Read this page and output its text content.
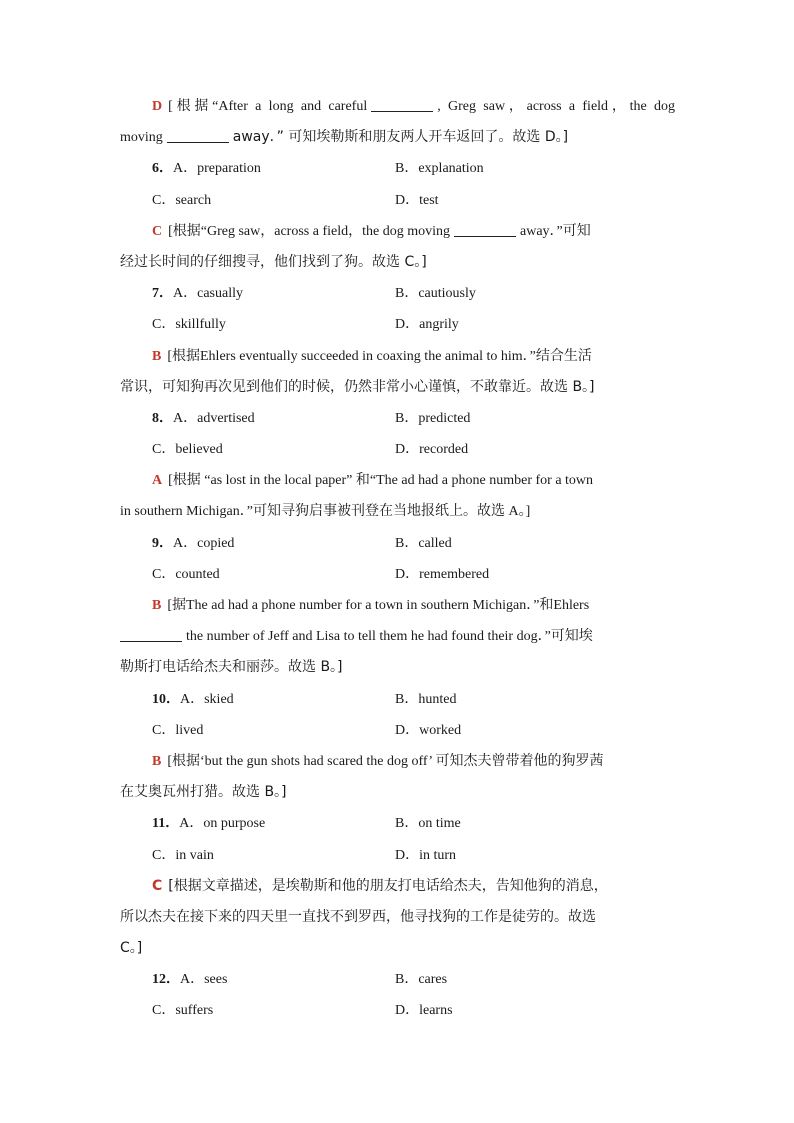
D [根据“After a long and careful	, Greg saw，across a field，the dog
moving	away．” 可知埃勒斯和朋友两人开车返回了。故选 D。]
6．A．preparation	B．explanation
C．search	D．test
C [根据“Greg saw，across a field，the dog moving	away．”可知
经过长时间的仔细搜寻，他们找到了狗。故选 C。]
7．A．casually	B．cautiously
C．skillfully	D．angrily
B [根据Ehlers eventually succeeded in coaxing the animal to him．”结合生活
常识，可知狗再次见到他们的时候，仍然非常小心谨慎，不敢靠近。故选 B。]
8．A．advertised	B．predicted
C．believed	D．recorded
A [根据 “as lost in the local paper” 和“The ad had a phone number for a town
in southern Michigan．”可知寻狗启事被刊登在当地报纸上。故选 A。]
9．A．copied	B．called
C．counted	D．remembered
B [据The ad had a phone number for a town in southern Michigan．”和Ehlers
the number of Jeff and Lisa to tell them he had found their dog．”可知埃
勒斯打电话给杰夫和丽莎。故选 B。]
10．A．skied	B．hunted
C．lived	D．worked
B [根据‘but the gun shots had scared the dog off’ 可知杰夫曾带着他的狗罗茜
在艾奥瓦州打猎。故选 B。]
11．A．on purpose	B．on time
C．in vain	D．in turn
C [根据文章描述，是埃勒斯和他的朋友打电话给杰夫，告知他狗的消息，
所以杰夫在接下来的四天里一直找不到罗西，他寻找狗的工作是徒劳的。故选
C。]
12．A．sees	B．cares
C．suffers	D．learns
